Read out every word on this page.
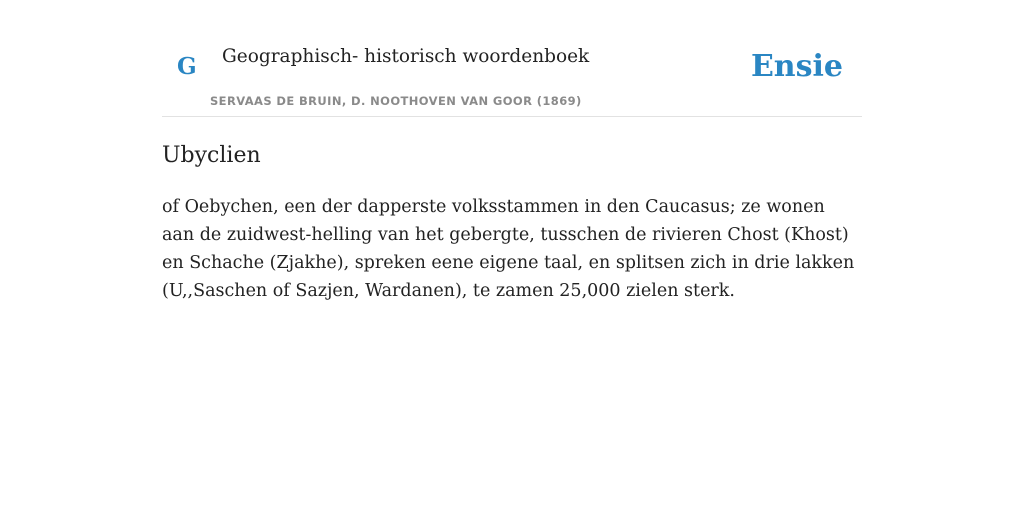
G Geographisch- historisch woordenboek
SERVAAS DE BRUIN, D. NOOTHOVEN VAN GOOR (1869)
Ensie
Ubyclien

of Oebychen, een der dapperste volksstammen in den Caucasus; ze wonen aan de zuidwest-helling van het gebergte, tusschen de rivieren Chost (Khost) en Schache (Zjakhe), spreken eene eigene taal, en splitsen zich in drie lakken (U,,Saschen of Sazjen, Wardanen), te zamen 25,000 zielen sterk.
